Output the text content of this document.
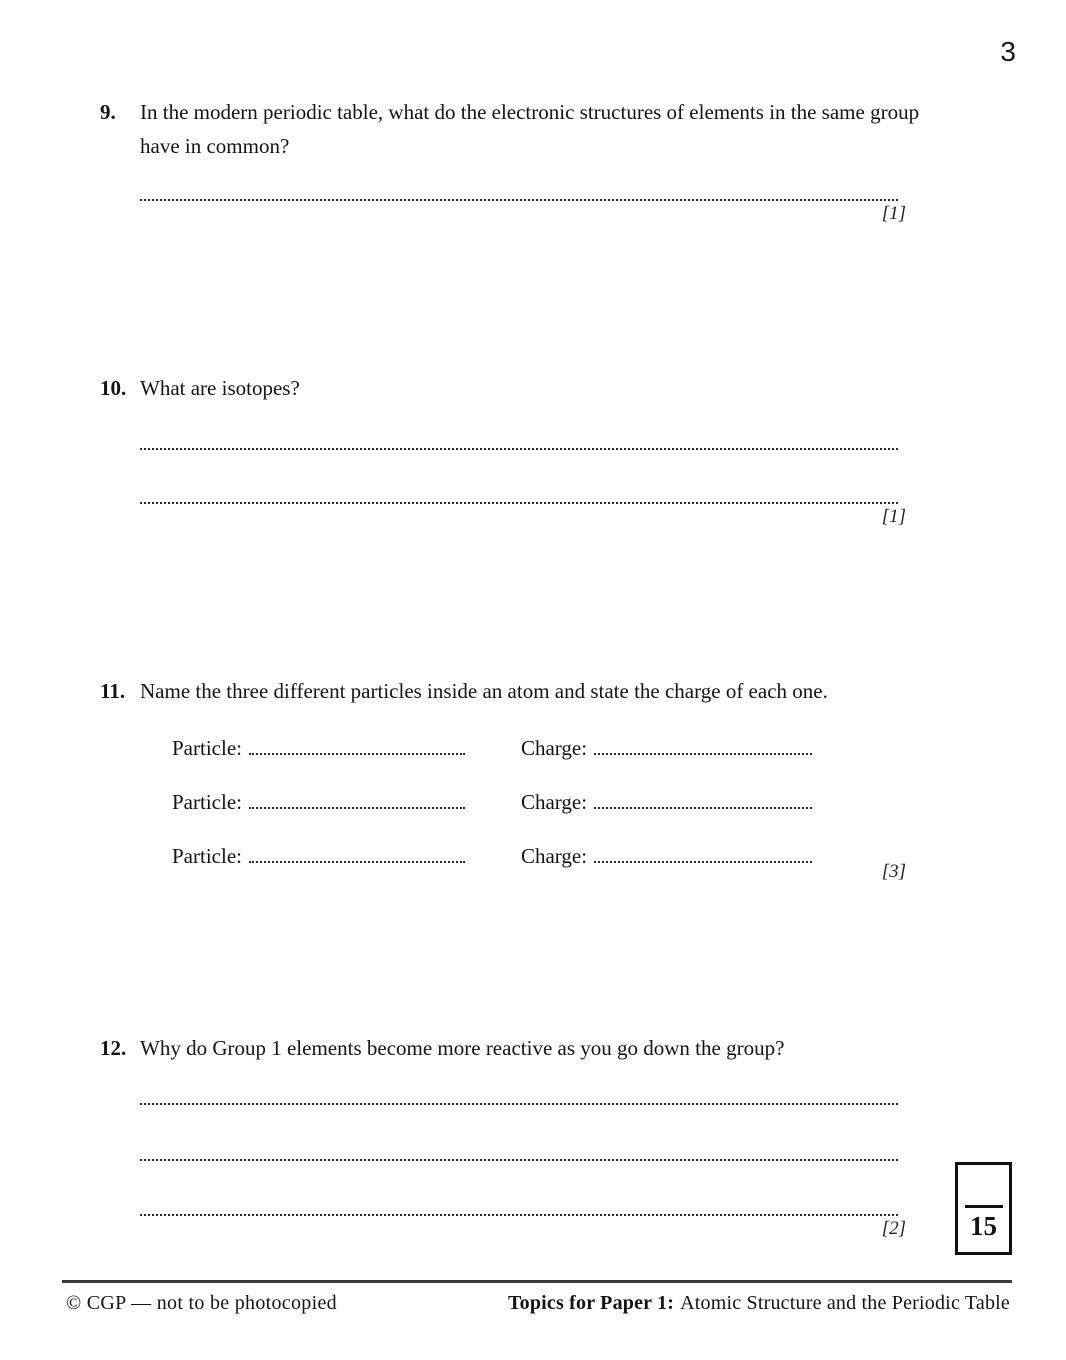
3
9.	In the modern periodic table, what do the electronic structures of elements in the same group have in common?
[1]
10. What are isotopes?
[1]
11. Name the three different particles inside an atom and state the charge of each one.
Particle:	Charge:
Particle:	Charge:
Particle:	Charge:
[3]
12. Why do Group 1 elements become more reactive as you go down the group?
[2]	15
© CGP — not to be photocopied	Topics for Paper 1: Atomic Structure and the Periodic Table
